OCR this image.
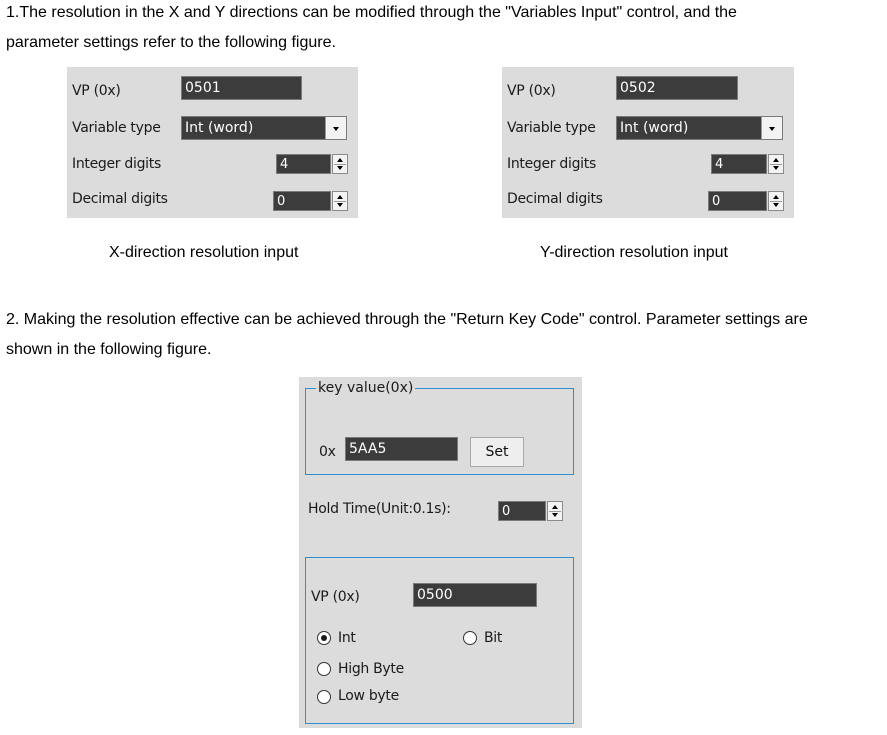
1.The resolution in the X and Y directions can be modified through the "Variables Input" control, and the
parameter settings refer to the following figure.
VP (0x)	0501
Variable type Int (word)
Integer digits	4
Decimal digits	0
X-direction resolution input
VP (0x)	0502
Variable type Int (word)
Integer digits	4
Decimal digits	0
Y-direction resolution input
2. Making the resolution effective can be achieved through the "Return Key Code" control. Parameter settings are
shown in the following figure.
key value(0x)
0x 5AA5	Set
Hold Time(Unit:0.1s):	0
VP (0x)	0500
Int	Bit
High Byte
Low byte
